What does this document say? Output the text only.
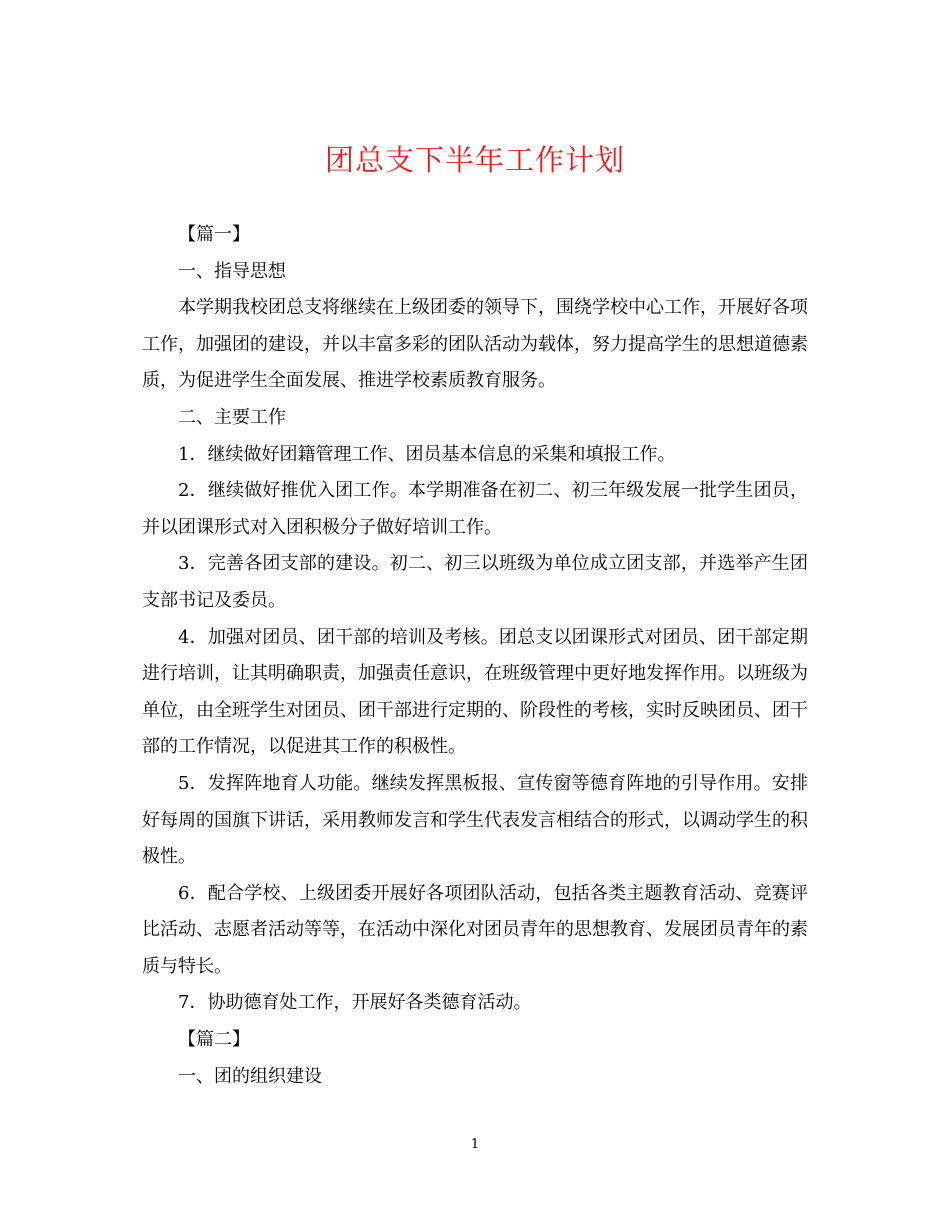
团总支下半年工作计划

【篇一】

一、指导思想

本学期我校团总支将继续在上级团委的领导下，围绕学校中心工作，开展好各项工作，加强团的建设，并以丰富多彩的团队活动为载体，努力提高学生的思想道德素质，为促进学生全面发展、推进学校素质教育服务。

二、主要工作

1．继续做好团籍管理工作、团员基本信息的采集和填报工作。

2．继续做好推优入团工作。本学期准备在初二、初三年级发展一批学生团员，并以团课形式对入团积极分子做好培训工作。

3．完善各团支部的建设。初二、初三以班级为单位成立团支部，并选举产生团支部书记及委员。

4．加强对团员、团干部的培训及考核。团总支以团课形式对团员、团干部定期进行培训，让其明确职责，加强责任意识，在班级管理中更好地发挥作用。以班级为单位，由全班学生对团员、团干部进行定期的、阶段性的考核，实时反映团员、团干部的工作情况，以促进其工作的积极性。

5．发挥阵地育人功能。继续发挥黑板报、宣传窗等德育阵地的引导作用。安排好每周的国旗下讲话，采用教师发言和学生代表发言相结合的形式，以调动学生的积极性。

6．配合学校、上级团委开展好各项团队活动，包括各类主题教育活动、竞赛评比活动、志愿者活动等等，在活动中深化对团员青年的思想教育、发展团员青年的素质与特长。

7．协助德育处工作，开展好各类德育活动。

【篇二】

一、团的组织建设

1
